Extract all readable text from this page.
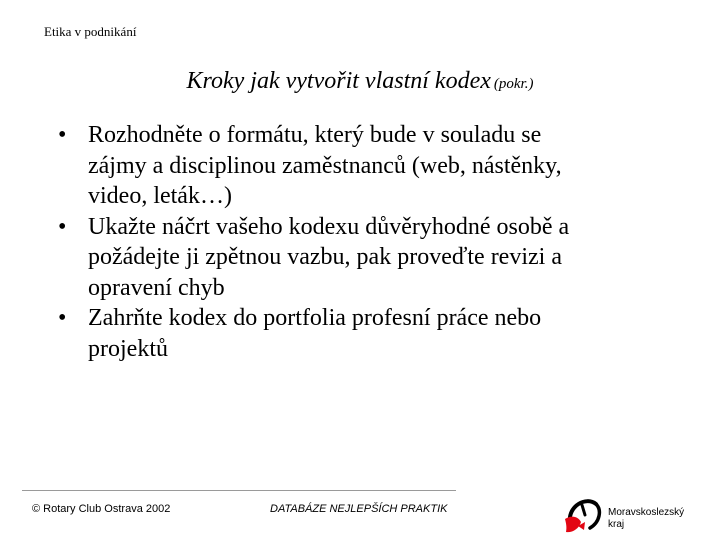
Etika v podnikání
Kroky jak vytvořit vlastní kodex (pokr.)
• Rozhodněte o formátu, který bude v souladu se
zájmy a disciplinou zaměstnanců (web, nástěnky,
video, leták…)
• Ukažte náčrt vašeho kodexu důvěryhodné osobě a
požádejte ji zpětnou vazbu, pak proveďte revizi a
opravení chyb
• Zahrňte kodex do portfolia profesní práce nebo
projektů
© Rotary Club Ostrava 2002	DATABÁZE NEJLEPŠÍCH PRAKTIK	Moravskoslezský
kraj
